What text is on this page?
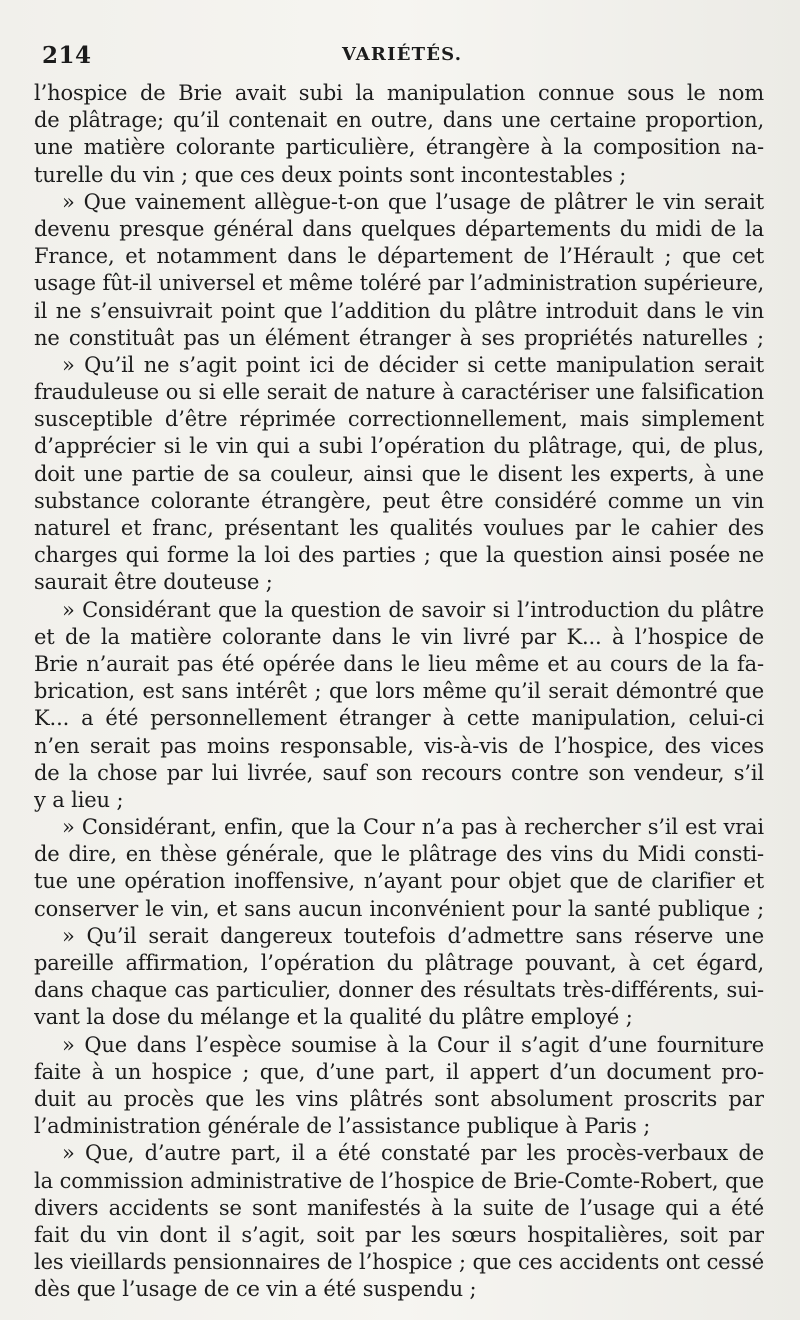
214	VARIÉTÉS.
l’hospice de Brie avait subi la manipulation connue sous le nom
de plâtrage; qu’il contenait en outre, dans une certaine proportion,
une matière colorante particulière, étrangère à la composition na-
turelle du vin ; que ces deux points sont incontestables ;
» Que vainement allègue-t-on que l’usage de plâtrer le vin serait
devenu presque général dans quelques départements du midi de la
France, et notamment dans le département de l’Hérault ; que cet
usage fût-il universel et même toléré par l’administration supérieure,
il ne s’ensuivrait point que l’addition du plâtre introduit dans le vin
ne constituât pas un élément étranger à ses propriétés naturelles ;
» Qu’il ne s’agit point ici de décider si cette manipulation serait
frauduleuse ou si elle serait de nature à caractériser une falsification
susceptible d’être réprimée correctionnellement, mais simplement
d’apprécier si le vin qui a subi l’opération du plâtrage, qui, de plus,
doit une partie de sa couleur, ainsi que le disent les experts, à une
substance colorante étrangère, peut être considéré comme un vin
naturel et franc, présentant les qualités voulues par le cahier des
charges qui forme la loi des parties ; que la question ainsi posée ne
saurait être douteuse ;
» Considérant que la question de savoir si l’introduction du plâtre
et de la matière colorante dans le vin livré par K... à l’hospice de
Brie n’aurait pas été opérée dans le lieu même et au cours de la fa-
brication, est sans intérêt ; que lors même qu’il serait démontré que
K... a été personnellement étranger à cette manipulation, celui-ci
n’en serait pas moins responsable, vis-à-vis de l’hospice, des vices
de la chose par lui livrée, sauf son recours contre son vendeur, s’il
y a lieu ;
» Considérant, enfin, que la Cour n’a pas à rechercher s’il est vrai
de dire, en thèse générale, que le plâtrage des vins du Midi consti-
tue une opération inoffensive, n’ayant pour objet que de clarifier et
conserver le vin, et sans aucun inconvénient pour la santé publique ;
» Qu’il serait dangereux toutefois d’admettre sans réserve une
pareille affirmation, l’opération du plâtrage pouvant, à cet égard,
dans chaque cas particulier, donner des résultats très-différents, sui-
vant la dose du mélange et la qualité du plâtre employé ;
» Que dans l’espèce soumise à la Cour il s’agit d’une fourniture
faite à un hospice ; que, d’une part, il appert d’un document pro-
duit au procès que les vins plâtrés sont absolument proscrits par
l’administration générale de l’assistance publique à Paris ;
» Que, d’autre part, il a été constaté par les procès-verbaux de
la commission administrative de l’hospice de Brie-Comte-Robert, que
divers accidents se sont manifestés à la suite de l’usage qui a été
fait du vin dont il s’agit, soit par les sœurs hospitalières, soit par
les vieillards pensionnaires de l’hospice ; que ces accidents ont cessé
dès que l’usage de ce vin a été suspendu ;
